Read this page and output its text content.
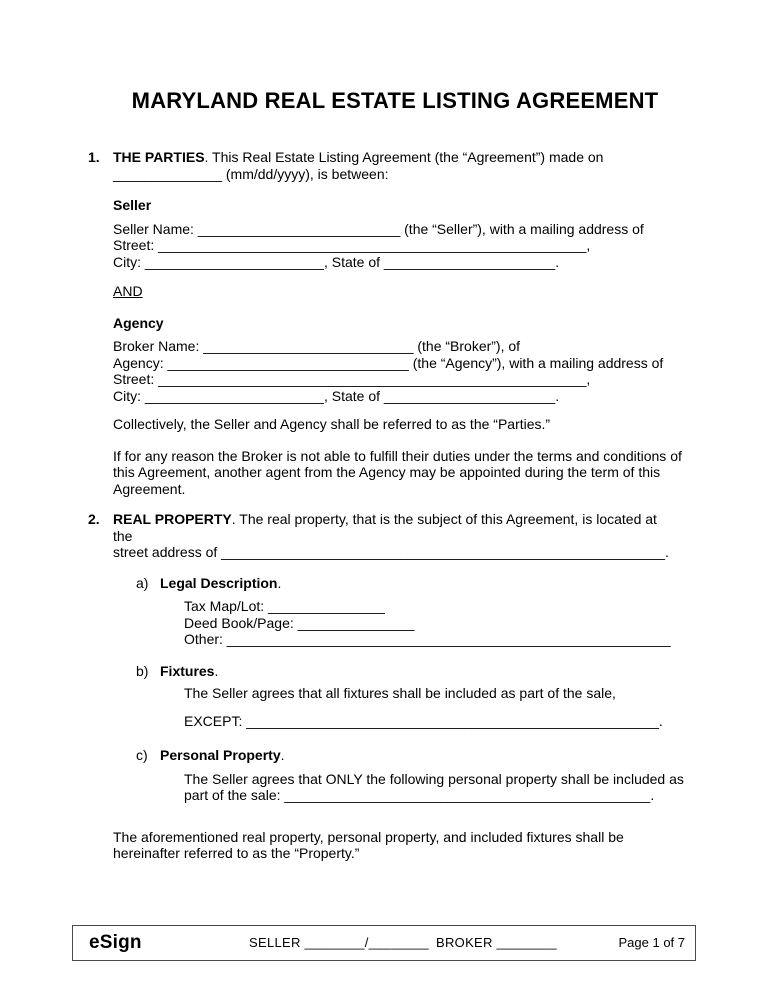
MARYLAND REAL ESTATE LISTING AGREEMENT
1. THE PARTIES. This Real Estate Listing Agreement (the “Agreement”) made on
______________ (mm/dd/yyyy), is between:
Seller
Seller Name: __________________________ (the “Seller”), with a mailing address of
Street: _______________________________________________________,
City: _______________________, State of ______________________.
AND
Agency
Broker Name: ___________________________ (the “Broker”), of
Agency: _______________________________ (the “Agency”), with a mailing address of
Street: _______________________________________________________,
City: _______________________, State of ______________________.
Collectively, the Seller and Agency shall be referred to as the “Parties.”
If for any reason the Broker is not able to fulfill their duties under the terms and conditions of
this Agreement, another agent from the Agency may be appointed during the term of this
Agreement.
2. REAL PROPERTY. The real property, that is the subject of this Agreement, is located at the
street address of _________________________________________________________.
a) Legal Description.
Tax Map/Lot: _______________
Deed Book/Page: _______________
Other: _________________________________________________________
b) Fixtures.
The Seller agrees that all fixtures shall be included as part of the sale,
EXCEPT: _____________________________________________________.
c) Personal Property.
The Seller agrees that ONLY the following personal property shall be included as
part of the sale: _______________________________________________.
The aforementioned real property, personal property, and included fixtures shall be
hereinafter referred to as the “Property.”
eSign	SELLER ________/________ BROKER ________	Page 1 of 7
